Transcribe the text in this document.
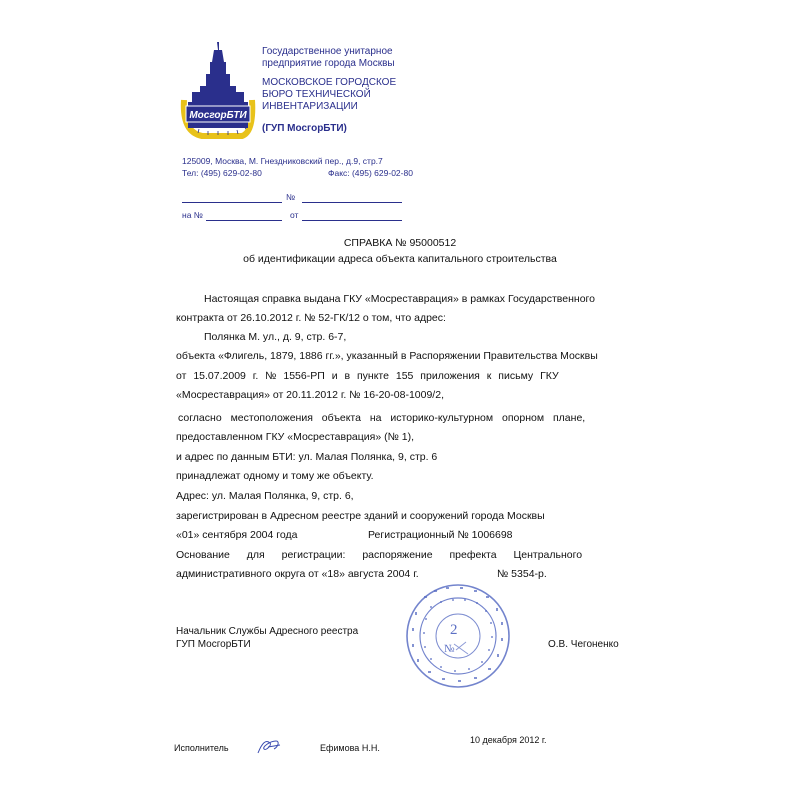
МосгорБТИ
Государственное унитарное
предприятие города Москвы
МОСКОВСКОЕ ГОРОДСКОЕ
БЮРО ТЕХНИЧЕСКОЙ
ИНВЕНТАРИЗАЦИИ
(ГУП МосгорБТИ)
125009, Москва, М. Гнездниковский пер., д.9, стр.7
Тел: (495) 629-02-80	Факс: (495) 629-02-80
№
на №	от
СПРАВКА № 95000512
об идентификации адреса объекта капитального строительства
Настоящая справка выдана ГКУ «Мосреставрация» в рамках Государственного
контракта от 26.10.2012 г. № 52-ГК/12 о том, что адрес:
Полянка М. ул., д. 9, стр. 6-7,
объекта «Флигель, 1879, 1886 гг.», указанный в Распоряжении Правительства Москвы
от 15.07.2009 г. № 1556-РП и в пункте 155 приложения к письму ГКУ
«Мосреставрация» от 20.11.2012 г. № 16-20-08-1009/2,
согласно местоположения объекта на историко-культурном опорном плане,
предоставленном ГКУ «Мосреставрация» (№ 1),
и адрес по данным БТИ: ул. Малая Полянка, 9, стр. 6
принадлежат одному и тому же объекту.
Адрес: ул. Малая Полянка, 9, стр. 6,
зарегистрирован в Адресном реестре зданий и сооружений города Москвы
«01» сентября 2004 года	Регистрационный № 1006698
Основание для регистрации: распоряжение префекта Центрального
административного округа от «18» августа 2004 г.	№ 5354-р.
2
№
Начальник Службы Адресного реестра
ГУП МосгорБТИ	О.В. Чегоненко
10 декабря 2012 г.
Исполнитель	Ефимова Н.Н.
